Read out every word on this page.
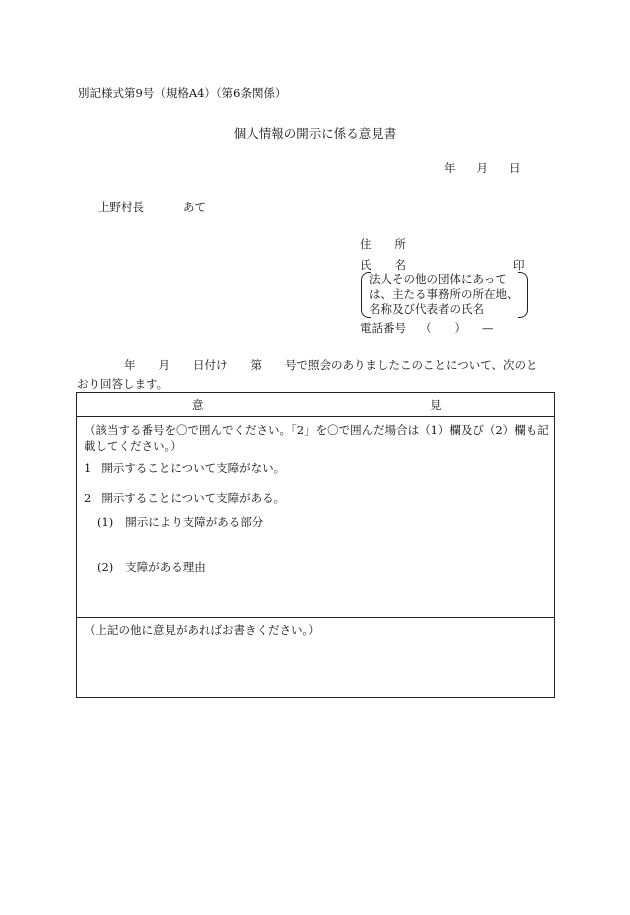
別記様式第9号（規格A4）（第6条関係）
個人情報の開示に係る意見書
年 月 日
上野村長	あて
住　　所
氏　　名	印
法人その他の団体にあって
は、主たる事務所の所在地、
名称及び代表者の氏名
電話番号 （　　） —
年　　月　　日付け　　第　　号で照会のありましたこのことについて、次のと
おり回答します。
意	見
（該当する番号を〇で囲んでください。「2」を〇で囲んだ場合は（1）欄及び（2）欄も記載してください。）
1 開示することについて支障がない。
2 開示することについて支障がある。
(1) 開示により支障がある部分
(2) 支障がある理由
（上記の他に意見があればお書きください。）
